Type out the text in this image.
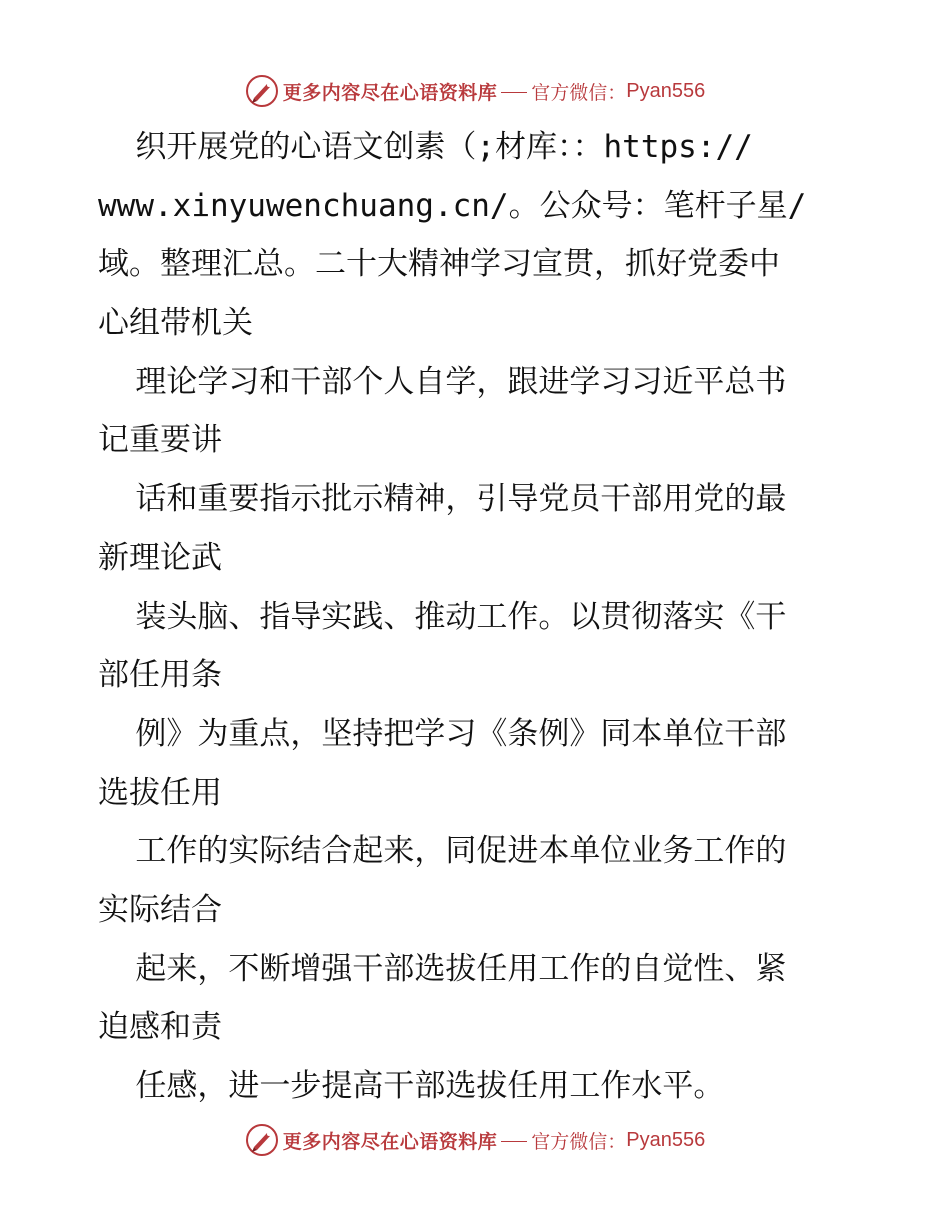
更多内容尽在心语资料库 官方微信： Pyan556
织开展党的心语文创素（;材库：：https://
www.xinyuwenchuang.cn/。公众号：笔杆子星/
域。整理汇总。二十大精神学习宣贯，抓好党委中
心组带机关
理论学习和干部个人自学，跟进学习习近平总书
记重要讲
话和重要指示批示精神，引导党员干部用党的最
新理论武
装头脑、指导实践、推动工作。以贯彻落实《干
部任用条
例》为重点，坚持把学习《条例》同本单位干部
选拔任用
工作的实际结合起来，同促进本单位业务工作的
实际结合
起来，不断增强干部选拔任用工作的自觉性、紧
迫感和责
任感，进一步提高干部选拔任用工作水平。
更多内容尽在心语资料库 官方微信： Pyan556
